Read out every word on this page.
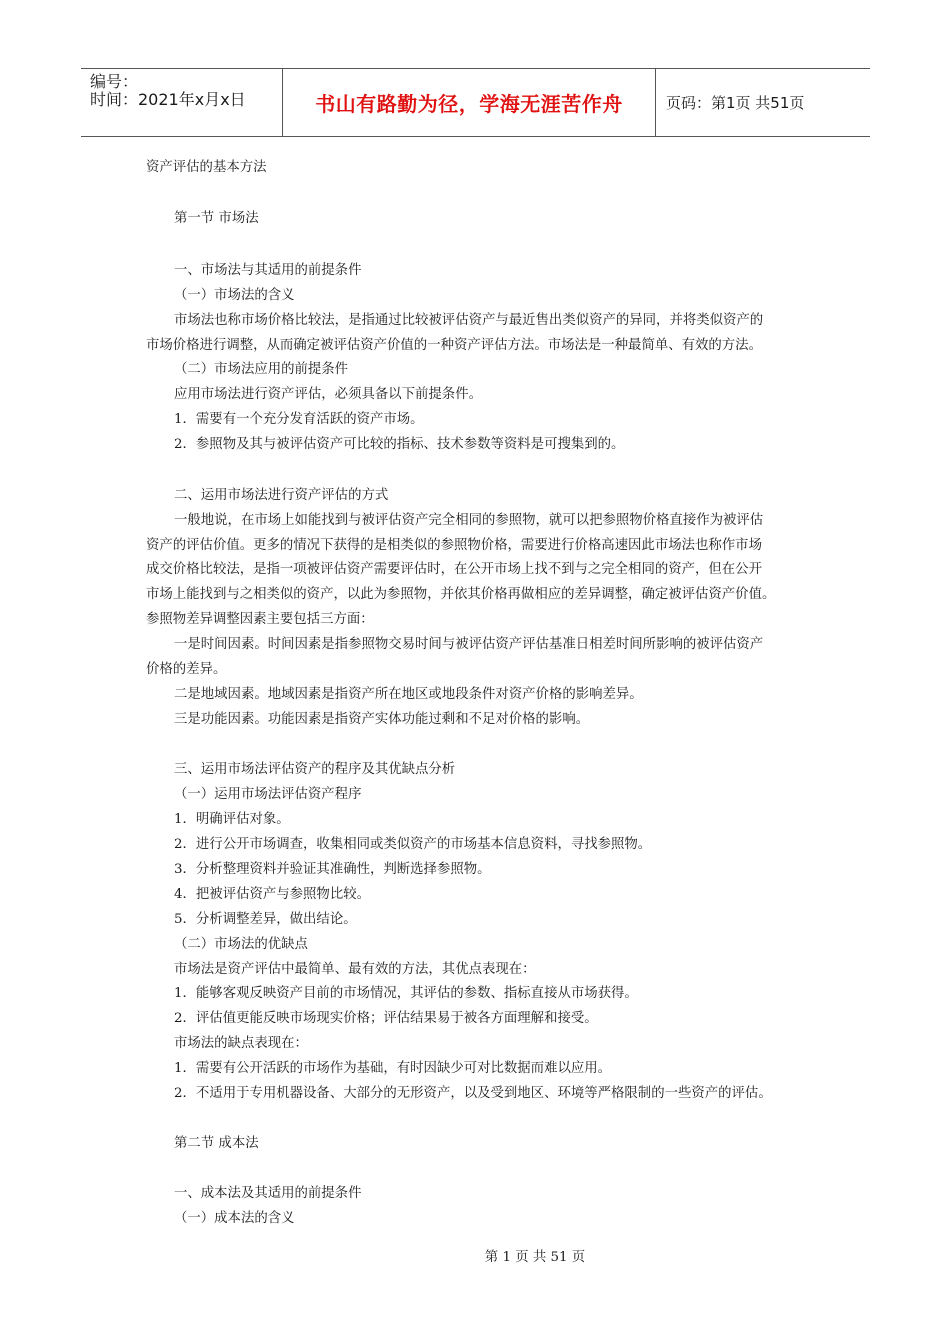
编号：
时间：2021年x月x日	书山有路勤为径，学海无涯苦作舟	页码：第1页 共51页
资产评估的基本方法
第一节 市场法
一、市场法与其适用的前提条件
（一）市场法的含义
市场法也称市场价格比较法，是指通过比较被评估资产与最近售出类似资产的异同，并将类似资产的
市场价格进行调整，从而确定被评估资产价值的一种资产评估方法。市场法是一种最简单、有效的方法。
（二）市场法应用的前提条件
应用市场法进行资产评估，必须具备以下前提条件。
1．需要有一个充分发育活跃的资产市场。
2．参照物及其与被评估资产可比较的指标、技术参数等资料是可搜集到的。
二、运用市场法进行资产评估的方式
一般地说，在市场上如能找到与被评估资产完全相同的参照物，就可以把参照物价格直接作为被评估
资产的评估价值。更多的情况下获得的是相类似的参照物价格，需要进行价格高速因此市场法也称作市场
成交价格比较法，是指一项被评估资产需要评估时，在公开市场上找不到与之完全相同的资产，但在公开
市场上能找到与之相类似的资产，以此为参照物，并依其价格再做相应的差异调整，确定被评估资产价值。
参照物差异调整因素主要包括三方面：
一是时间因素。时间因素是指参照物交易时间与被评估资产评估基准日相差时间所影响的被评估资产
价格的差异。
二是地域因素。地域因素是指资产所在地区或地段条件对资产价格的影响差异。
三是功能因素。功能因素是指资产实体功能过剩和不足对价格的影响。
三、运用市场法评估资产的程序及其优缺点分析
（一）运用市场法评估资产程序
1．明确评估对象。
2．进行公开市场调查，收集相同或类似资产的市场基本信息资料，寻找参照物。
3．分析整理资料并验证其准确性，判断选择参照物。
4．把被评估资产与参照物比较。
5．分析调整差异，做出结论。
（二）市场法的优缺点
市场法是资产评估中最简单、最有效的方法，其优点表现在：
1．能够客观反映资产目前的市场情况，其评估的参数、指标直接从市场获得。
2．评估值更能反映市场现实价格；评估结果易于被各方面理解和接受。
市场法的缺点表现在：
1．需要有公开活跃的市场作为基础，有时因缺少可对比数据而难以应用。
2．不适用于专用机器设备、大部分的无形资产，以及受到地区、环境等严格限制的一些资产的评估。
第二节 成本法
一、成本法及其适用的前提条件
（一）成本法的含义
第 1 页 共 51 页
